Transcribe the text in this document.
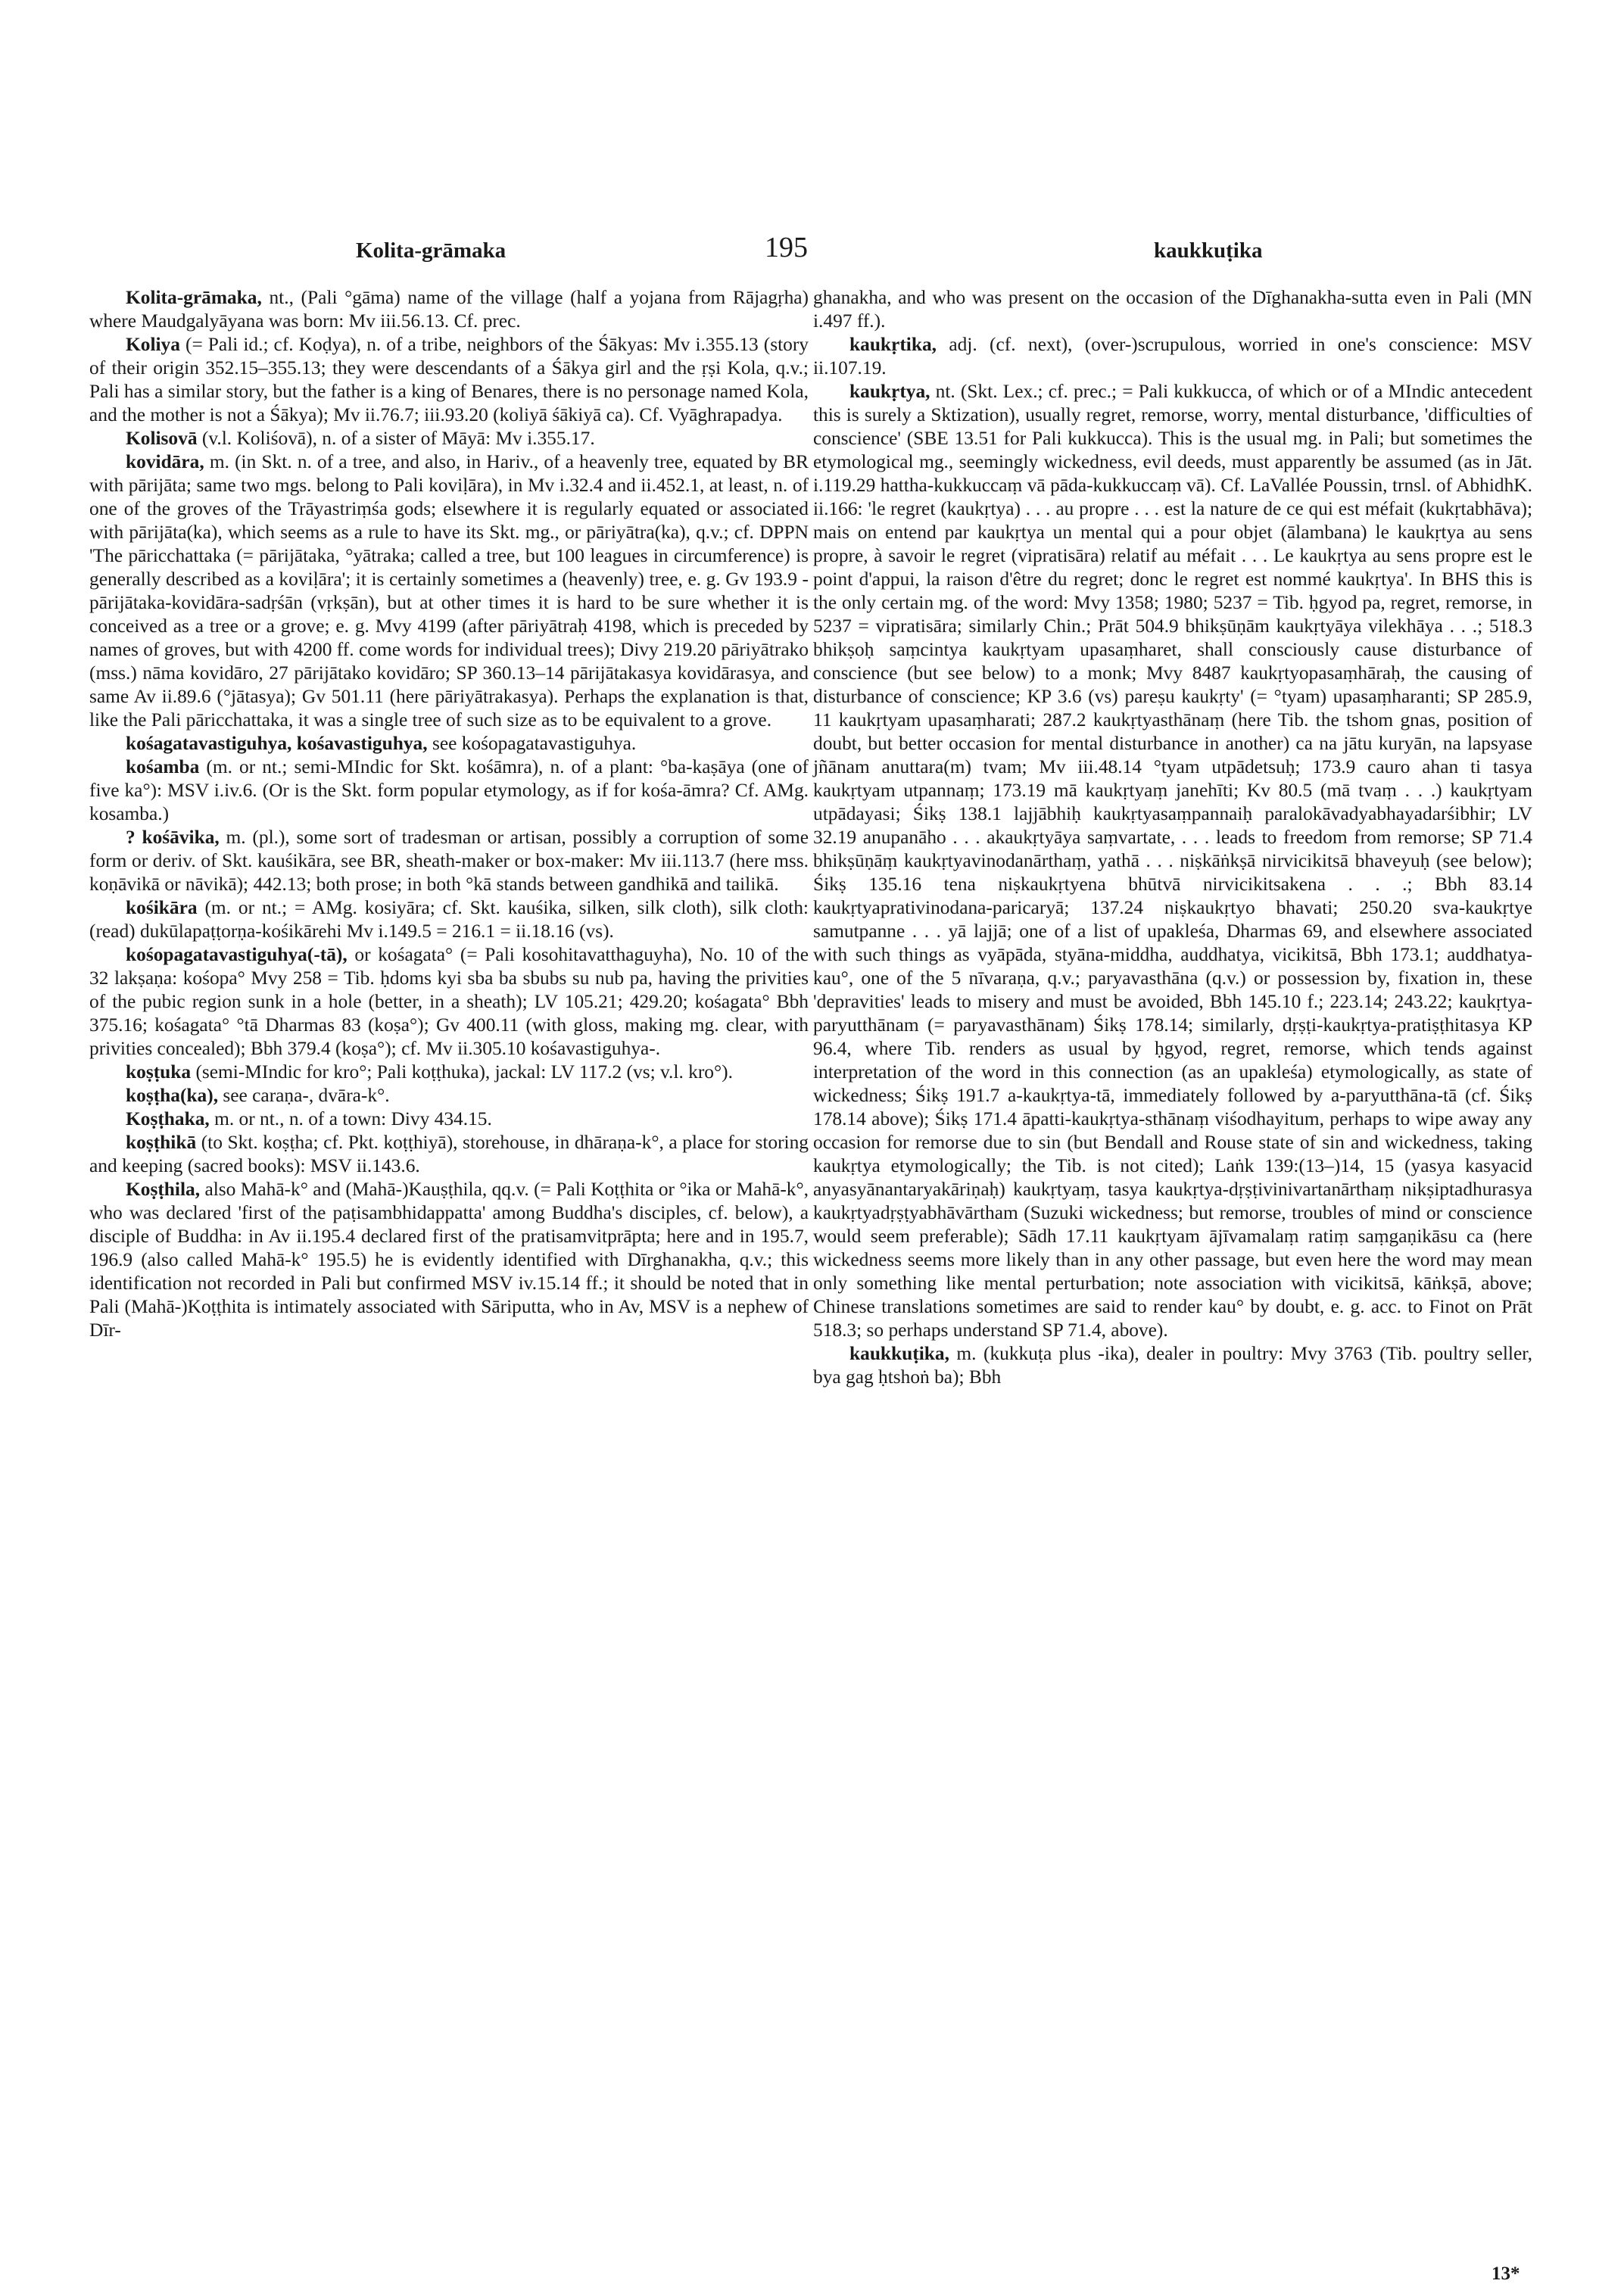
Kolita-grāmaka	195	kaukkuṭika

Kolita-grāmaka, nt., (Pali °gāma) name of the village (half a yojana from Rājagṛha) where Maudgalyāyana was born: Mv iii.56.13. Cf. prec.

Koliya (= Pali id.; cf. Koḍya), n. of a tribe, neighbors of the Śākyas: Mv i.355.13 (story of their origin 352.15–355.13; they were descendants of a Śākya girl and the ṛṣi Kola, q.v.; Pali has a similar story, but the father is a king of Benares, there is no personage named Kola, and the mother is not a Śākya); Mv ii.76.7; iii.93.20 (koliyā śākiyā ca). Cf. Vyāghrapadya.

Kolisovā (v.l. Koliśovā), n. of a sister of Māyā: Mv i.355.17.

kovidāra, m. (in Skt. n. of a tree, and also, in Hariv., of a heavenly tree, equated by BR with pārijāta; same two mgs. belong to Pali koviḷāra), in Mv i.32.4 and ii.452.1, at least, n. of one of the groves of the Trāyastriṃśa gods; elsewhere it is regularly equated or associated with pārijāta(ka), which seems as a rule to have its Skt. mg., or pāriyātra(ka), q.v.; cf. DPPN 'The pāricchattaka (= pārijātaka, °yātraka; called a tree, but 100 leagues in circumference) is generally described as a koviḷāra'; it is certainly sometimes a (heavenly) tree, e. g. Gv 193.9 -pārijātaka-kovidāra-sadṛśān (vṛkṣān), but at other times it is hard to be sure whether it is conceived as a tree or a grove; e. g. Mvy 4199 (after pāriyātraḥ 4198, which is preceded by names of groves, but with 4200 ff. come words for individual trees); Divy 219.20 pāriyātrako (mss.) nāma kovidāro, 27 pārijātako kovidāro; SP 360.13–14 pārijātakasya kovidārasya, and same Av ii.89.6 (°jātasya); Gv 501.11 (here pāriyātrakasya). Perhaps the explanation is that, like the Pali pāricchattaka, it was a single tree of such size as to be equivalent to a grove.

kośagatavastiguhya, kośavastiguhya, see kośopagatavastiguhya.

kośamba (m. or nt.; semi-MIndic for Skt. kośāmra), n. of a plant: °ba-kaṣāya (one of five ka°): MSV i.iv.6. (Or is the Skt. form popular etymology, as if for kośa-āmra? Cf. AMg. kosamba.)

? kośāvika, m. (pl.), some sort of tradesman or artisan, possibly a corruption of some form or deriv. of Skt. kauśikāra, see BR, sheath-maker or box-maker: Mv iii.113.7 (here mss. koṇāvikā or nāvikā); 442.13; both prose; in both °kā stands between gandhikā and tailikā.

kośikāra (m. or nt.; = AMg. kosiyāra; cf. Skt. kauśika, silken, silk cloth), silk cloth: (read) dukūlapaṭṭorṇa-kośikārehi Mv i.149.5 = 216.1 = ii.18.16 (vs).

kośopagatavastiguhya(-tā), or kośagata° (= Pali kosohitavatthaguyha), No. 10 of the 32 lakṣaṇa: kośopa° Mvy 258 = Tib. ḥdoms kyi sba ba sbubs su nub pa, having the privities of the pubic region sunk in a hole (better, in a sheath); LV 105.21; 429.20; kośagata° Bbh 375.16; kośagata° °tā Dharmas 83 (koṣa°); Gv 400.11 (with gloss, making mg. clear, with privities concealed); Bbh 379.4 (koṣa°); cf. Mv ii.305.10 kośavastiguhya-.

koṣṭuka (semi-MIndic for kro°; Pali koṭṭhuka), jackal: LV 117.2 (vs; v.l. kro°).

koṣṭha(ka), see caraṇa-, dvāra-k°.

Koṣṭhaka, m. or nt., n. of a town: Divy 434.15.

koṣṭhikā (to Skt. koṣṭha; cf. Pkt. koṭṭhiyā), storehouse, in dhāraṇa-k°, a place for storing and keeping (sacred books): MSV ii.143.6.

Koṣṭhila, also Mahā-k° and (Mahā-)Kauṣṭhila, qq.v. (= Pali Koṭṭhita or °ika or Mahā-k°, who was declared 'first of the paṭisambhidappatta' among Buddha's disciples, cf. below), a disciple of Buddha: in Av ii.195.4 declared first of the pratisamvitprāpta; here and in 195.7, 196.9 (also called Mahā-k° 195.5) he is evidently identified with Dīrghanakha, q.v.; this identification not recorded in Pali but confirmed MSV iv.15.14 ff.; it should be noted that in Pali (Mahā-)Koṭṭhita is intimately associated with Sāriputta, who in Av, MSV is a nephew of Dīr-

ghanakha, and who was present on the occasion of the Dīghanakha-sutta even in Pali (MN i.497 ff.).

kaukṛtika, adj. (cf. next), (over-)scrupulous, worried in one's conscience: MSV ii.107.19.

kaukṛtya, nt. (Skt. Lex.; cf. prec.; = Pali kukkucca, of which or of a MIndic antecedent this is surely a Sktization), usually regret, remorse, worry, mental disturbance, 'difficulties of conscience' (SBE 13.51 for Pali kukkucca). This is the usual mg. in Pali; but sometimes the etymological mg., seemingly wickedness, evil deeds, must apparently be assumed (as in Jāt. i.119.29 hattha-kukkuccaṃ vā pāda-kukkuccaṃ vā). Cf. LaVallée Poussin, trnsl. of AbhidhK. ii.166: 'le regret (kaukṛtya) . . . au propre . . . est la nature de ce qui est méfait (kukṛtabhāva); mais on entend par kaukṛtya un mental qui a pour objet (ālambana) le kaukṛtya au sens propre, à savoir le regret (vipratisāra) relatif au méfait . . . Le kaukṛtya au sens propre est le point d'appui, la raison d'être du regret; donc le regret est nommé kaukṛtya'. In BHS this is the only certain mg. of the word: Mvy 1358; 1980; 5237 = Tib. ḥgyod pa, regret, remorse, in 5237 = vipratisāra; similarly Chin.; Prāt 504.9 bhikṣūṇām kaukṛtyāya vilekhāya . . .; 518.3 bhikṣoḥ saṃcintya kaukṛtyam upasaṃharet, shall consciously cause disturbance of conscience (but see below) to a monk; Mvy 8487 kaukṛtyopasaṃhāraḥ, the causing of disturbance of conscience; KP 3.6 (vs) pareṣu kaukṛty' (= °tyam) upasaṃharanti; SP 285.9, 11 kaukṛtyam upasaṃharati; 287.2 kaukṛtyasthānaṃ (here Tib. the tshom gnas, position of doubt, but better occasion for mental disturbance in another) ca na jātu kuryān, na lapsyase jñānam anuttara(m) tvam; Mv iii.48.14 °tyam utpādetsuḥ; 173.9 cauro ahan ti tasya kaukṛtyam utpannaṃ; 173.19 mā kaukṛtyaṃ janehīti; Kv 80.5 (mā tvaṃ . . .) kaukṛtyam utpādayasi; Śikṣ 138.1 lajjābhiḥ kaukṛtyasaṃpannaiḥ paralokāvadyabhayadarśibhir; LV 32.19 anupanāho . . . akaukṛtyāya saṃvartate, . . . leads to freedom from remorse; SP 71.4 bhikṣūṇāṃ kaukṛtyavinodanārthaṃ, yathā . . . niṣkāṅkṣā nirvicikitsā bhaveyuḥ (see below); Śikṣ 135.16 tena niṣkaukṛtyena bhūtvā nirvicikitsakena . . .; Bbh 83.14 kaukṛtyaprativinodana-paricaryā; 137.24 niṣkaukṛtyo bhavati; 250.20 sva-kaukṛtye samutpanne . . . yā lajjā; one of a list of upakleśa, Dharmas 69, and elsewhere associated with such things as vyāpāda, styāna-middha, auddhatya, vicikitsā, Bbh 173.1; auddhatya-kau°, one of the 5 nīvaraṇa, q.v.; paryavasthāna (q.v.) or possession by, fixation in, these 'depravities' leads to misery and must be avoided, Bbh 145.10 f.; 223.14; 243.22; kaukṛtya-paryutthānam (= paryavasthānam) Śikṣ 178.14; similarly, dṛṣṭi-kaukṛtya-pratiṣṭhitasya KP 96.4, where Tib. renders as usual by ḥgyod, regret, remorse, which tends against interpretation of the word in this connection (as an upakleśa) etymologically, as state of wickedness; Śikṣ 191.7 a-kaukṛtya-tā, immediately followed by a-paryutthāna-tā (cf. Śikṣ 178.14 above); Śikṣ 171.4 āpatti-kaukṛtya-sthānaṃ viśodhayitum, perhaps to wipe away any occasion for remorse due to sin (but Bendall and Rouse state of sin and wickedness, taking kaukṛtya etymologically; the Tib. is not cited); Laṅk 139:(13–)14, 15 (yasya kasyacid anyasyānantaryakāriṇaḥ) kaukṛtyaṃ, tasya kaukṛtya-dṛṣṭivinivartanārthaṃ nikṣiptadhurasya kaukṛtyadṛṣṭyabhāvārtham (Suzuki wickedness; but remorse, troubles of mind or conscience would seem preferable); Sādh 17.11 kaukṛtyam ājīvamalaṃ ratiṃ saṃgaṇikāsu ca (here wickedness seems more likely than in any other passage, but even here the word may mean only something like mental perturbation; note association with vicikitsā, kāṅkṣā, above; Chinese translations sometimes are said to render kau° by doubt, e. g. acc. to Finot on Prāt 518.3; so perhaps understand SP 71.4, above).

kaukkuṭika, m. (kukkuṭa plus -ika), dealer in poultry: Mvy 3763 (Tib. poultry seller, bya gag ḥtshoṅ ba); Bbh

13*
